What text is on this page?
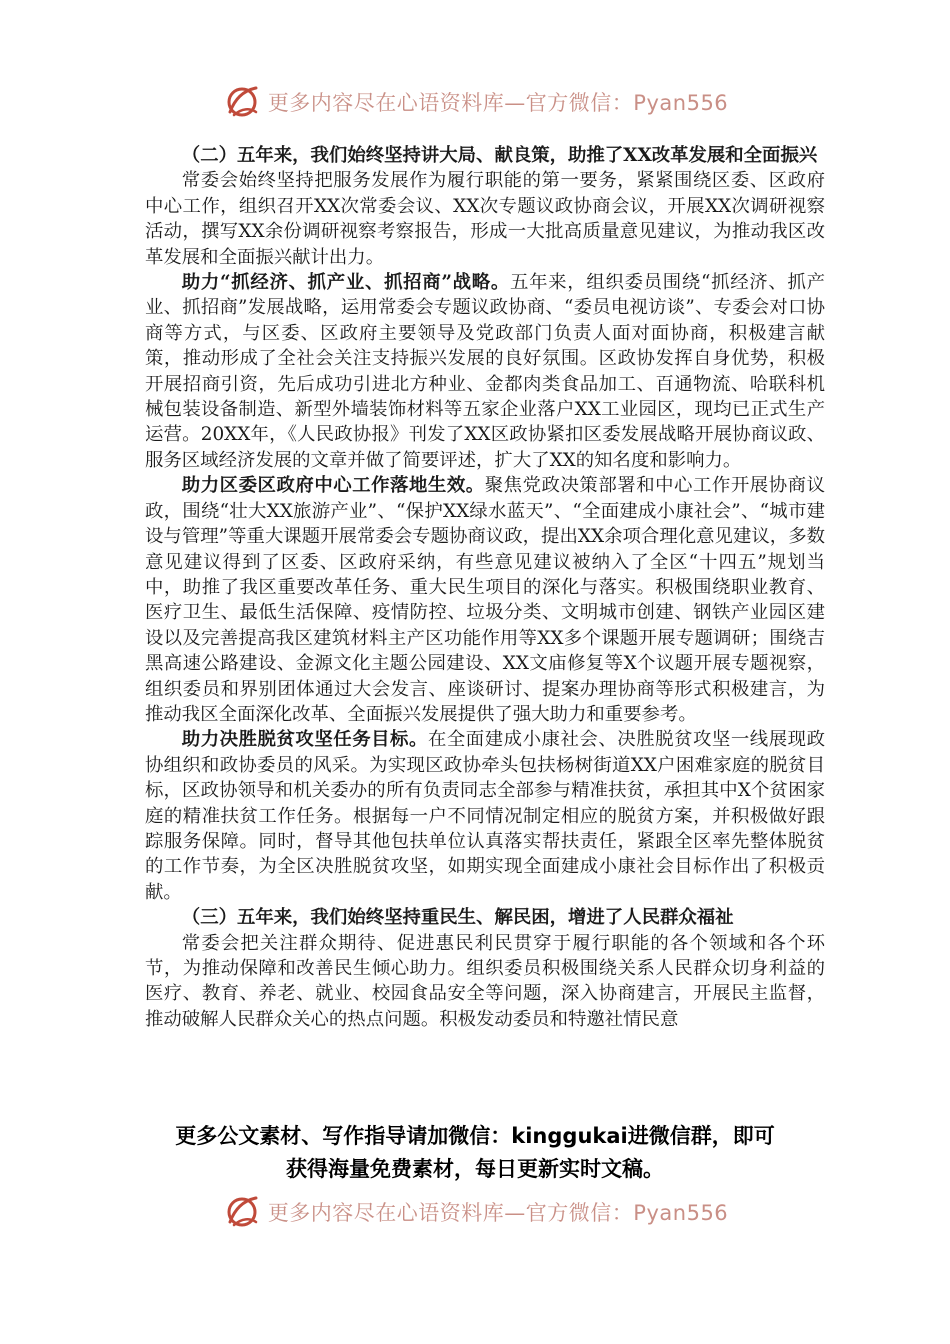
更多内容尽在心语资料库—官方微信：Pyan556

（二）五年来，我们始终坚持讲大局、献良策，助推了XX改革发展和全面振兴

常委会始终坚持把服务发展作为履行职能的第一要务，紧紧围绕区委、区政府中心工作，组织召开XX次常委会议、XX次专题议政协商会议，开展XX次调研视察活动，撰写XX余份调研视察考察报告，形成一大批高质量意见建议，为推动我区改革发展和全面振兴献计出力。

助力“抓经济、抓产业、抓招商”战略。五年来，组织委员围绕“抓经济、抓产业、抓招商”发展战略，运用常委会专题议政协商、“委员电视访谈”、专委会对口协商等方式，与区委、区政府主要领导及党政部门负责人面对面协商，积极建言献策，推动形成了全社会关注支持振兴发展的良好氛围。区政协发挥自身优势，积极开展招商引资，先后成功引进北方种业、金都肉类食品加工、百通物流、哈联科机械包装设备制造、新型外墙装饰材料等五家企业落户XX工业园区，现均已正式生产运营。20XX年，《人民政协报》刊发了XX区政协紧扣区委发展战略开展协商议政、服务区域经济发展的文章并做了简要评述，扩大了XX的知名度和影响力。

助力区委区政府中心工作落地生效。聚焦党政决策部署和中心工作开展协商议政，围绕“壮大XX旅游产业”、“保护XX绿水蓝天”、“全面建成小康社会”、“城市建设与管理”等重大课题开展常委会专题协商议政，提出XX余项合理化意见建议，多数意见建议得到了区委、区政府采纳，有些意见建议被纳入了全区“十四五”规划当中，助推了我区重要改革任务、重大民生项目的深化与落实。积极围绕职业教育、医疗卫生、最低生活保障、疫情防控、垃圾分类、文明城市创建、钢铁产业园区建设以及完善提高我区建筑材料主产区功能作用等XX多个课题开展专题调研；围绕吉黑高速公路建设、金源文化主题公园建设、XX文庙修复等X个议题开展专题视察，组织委员和界别团体通过大会发言、座谈研讨、提案办理协商等形式积极建言，为推动我区全面深化改革、全面振兴发展提供了强大助力和重要参考。

助力决胜脱贫攻坚任务目标。在全面建成小康社会、决胜脱贫攻坚一线展现政协组织和政协委员的风采。为实现区政协牵头包扶杨树街道XX户困难家庭的脱贫目标，区政协领导和机关委办的所有负责同志全部参与精准扶贫，承担其中X个贫困家庭的精准扶贫工作任务。根据每一户不同情况制定相应的脱贫方案，并积极做好跟踪服务保障。同时，督导其他包扶单位认真落实帮扶责任，紧跟全区率先整体脱贫的工作节奏，为全区决胜脱贫攻坚，如期实现全面建成小康社会目标作出了积极贡献。

（三）五年来，我们始终坚持重民生、解民困，增进了人民群众福祉

常委会把关注群众期待、促进惠民利民贯穿于履行职能的各个领域和各个环节，为推动保障和改善民生倾心助力。组织委员积极围绕关系人民群众切身利益的医疗、教育、养老、就业、校园食品安全等问题，深入协商建言，开展民主监督，推动破解人民群众关心的热点问题。积极发动委员和特邀社情民意

更多公文素材、写作指导请加微信：kinggukai进微信群，即可

获得海量免费素材，每日更新实时文稿。

更多内容尽在心语资料库—官方微信：Pyan556
